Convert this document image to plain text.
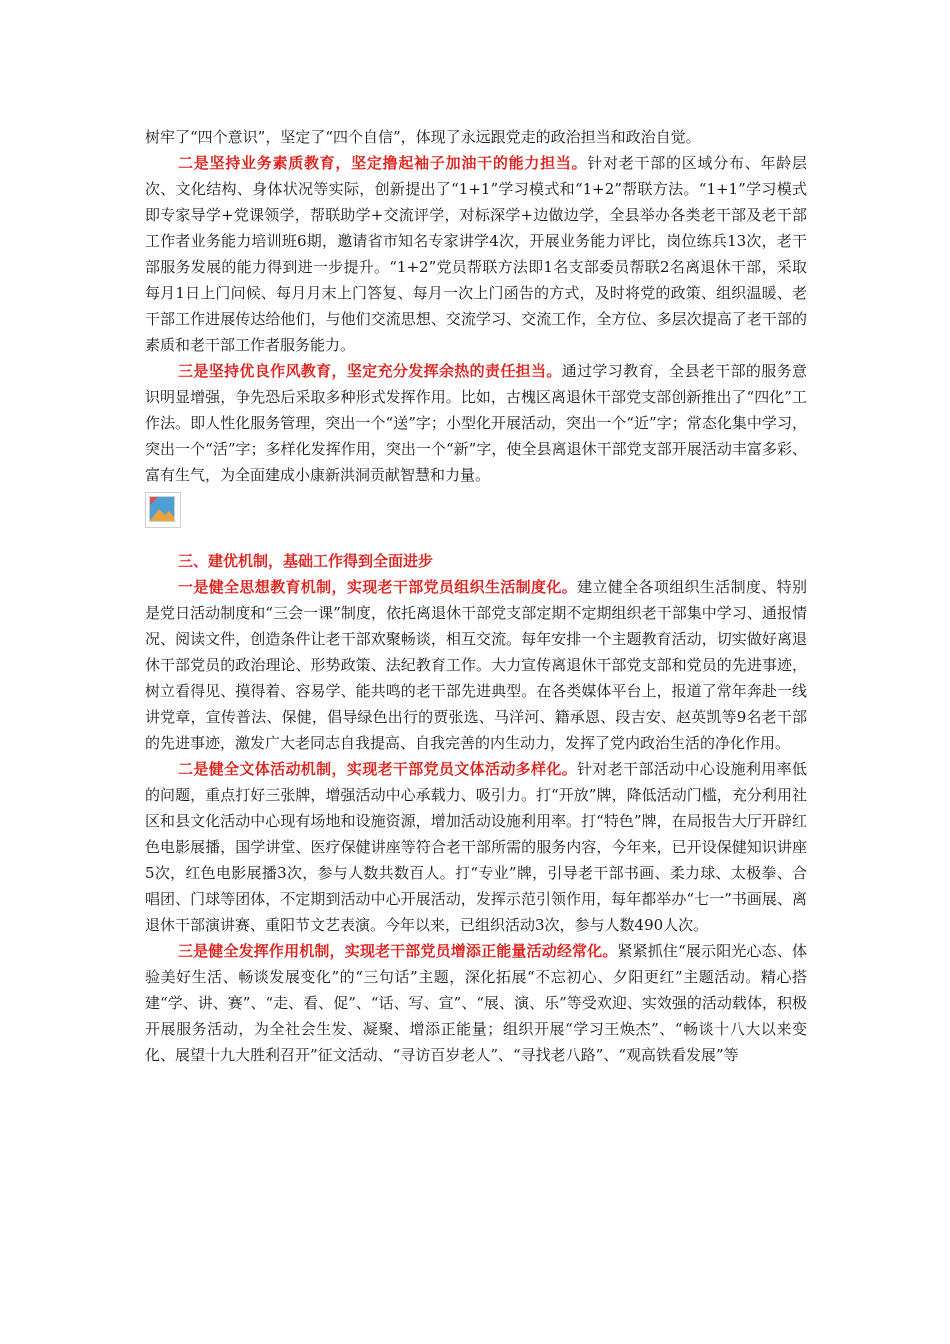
树牢了“四个意识”，坚定了“四个自信”，体现了永远跟党走的政治担当和政治自觉。

二是坚持业务素质教育，坚定撸起袖子加油干的能力担当。针对老干部的区域分布、年龄层次、文化结构、身体状况等实际，创新提出了“1+1”学习模式和“1+2”帮联方法。“1+1”学习模式即专家导学+党课领学，帮联助学+交流评学，对标深学+边做边学，全县举办各类老干部及老干部工作者业务能力培训班6期，邀请省市知名专家讲学4次，开展业务能力评比，岗位练兵13次，老干部服务发展的能力得到进一步提升。“1+2”党员帮联方法即1名支部委员帮联2名离退休干部，采取每月1日上门问候、每月月末上门答复、每月一次上门函告的方式，及时将党的政策、组织温暖、老干部工作进展传达给他们，与他们交流思想、交流学习、交流工作，全方位、多层次提高了老干部的素质和老干部工作者服务能力。

三是坚持优良作风教育，坚定充分发挥余热的责任担当。通过学习教育，全县老干部的服务意识明显增强，争先恐后采取多种形式发挥作用。比如，古槐区离退休干部党支部创新推出了“四化”工作法。即人性化服务管理，突出一个“送”字；小型化开展活动，突出一个“近”字；常态化集中学习，突出一个“活”字；多样化发挥作用，突出一个“新”字，使全县离退休干部党支部开展活动丰富多彩、富有生气，为全面建成小康新洪洞贡献智慧和力量。

三、建优机制，基础工作得到全面进步

一是健全思想教育机制，实现老干部党员组织生活制度化。建立健全各项组织生活制度、特别是党日活动制度和“三会一课”制度，依托离退休干部党支部定期不定期组织老干部集中学习、通报情况、阅读文件，创造条件让老干部欢聚畅谈，相互交流。每年安排一个主题教育活动，切实做好离退休干部党员的政治理论、形势政策、法纪教育工作。大力宣传离退休干部党支部和党员的先进事迹，树立看得见、摸得着、容易学、能共鸣的老干部先进典型。在各类媒体平台上，报道了常年奔赴一线讲党章，宣传普法、保健，倡导绿色出行的贾张选、马洋河、籍承恩、段吉安、赵英凯等9名老干部的先进事迹，激发广大老同志自我提高、自我完善的内生动力，发挥了党内政治生活的净化作用。

二是健全文体活动机制，实现老干部党员文体活动多样化。针对老干部活动中心设施利用率低的问题，重点打好三张牌，增强活动中心承载力、吸引力。打“开放”牌，降低活动门槛，充分利用社区和县文化活动中心现有场地和设施资源，增加活动设施利用率。打“特色”牌，在局报告大厅开辟红色电影展播，国学讲堂、医疗保健讲座等符合老干部所需的服务内容，今年来，已开设保健知识讲座5次，红色电影展播3次，参与人数共数百人。打“专业”牌，引导老干部书画、柔力球、太极拳、合唱团、门球等团体，不定期到活动中心开展活动，发挥示范引领作用，每年都举办“七一”书画展、离退休干部演讲赛、重阳节文艺表演。今年以来，已组织活动3次，参与人数490人次。

三是健全发挥作用机制，实现老干部党员增添正能量活动经常化。紧紧抓住“展示阳光心态、体验美好生活、畅谈发展变化”的“三句话”主题，深化拓展“不忘初心、夕阳更红”主题活动。精心搭建“学、讲、赛”、“走、看、促”、“话、写、宣”、“展、演、乐”等受欢迎、实效强的活动载体，积极开展服务活动，为全社会生发、凝聚、增添正能量；组织开展“学习王焕杰”、“畅谈十八大以来变化、展望十九大胜利召开”征文活动、“寻访百岁老人”、“寻找老八路”、“观高铁看发展”等
